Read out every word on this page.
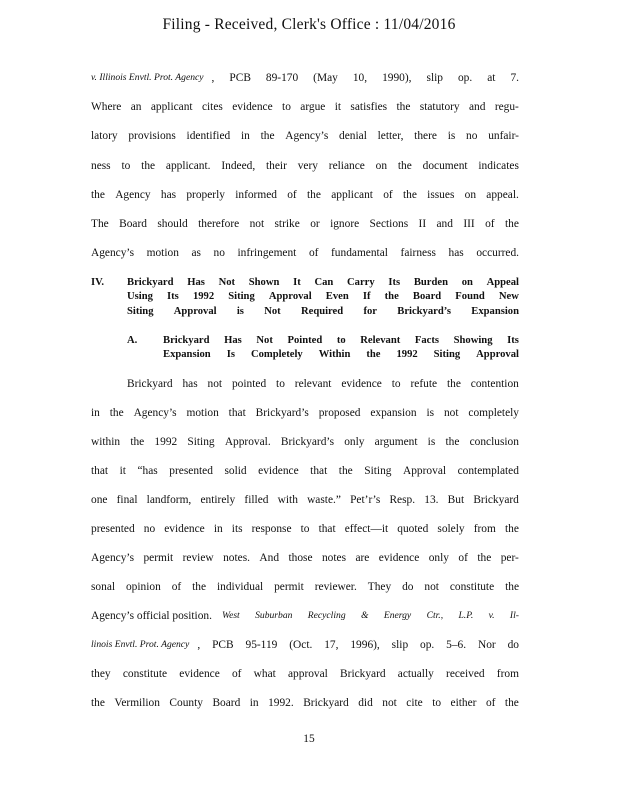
Filing - Received, Clerk's Office : 11/04/2016
v. Illinois Envtl. Prot. Agency , PCB 89-170 (May 10, 1990), slip op. at 7.
Where an applicant cites evidence to argue it satisfies the statutory and regu-
latory provisions identified in the Agency’s denial letter, there is no unfair-
ness to the applicant. Indeed, their very reliance on the document indicates
the Agency has properly informed of the applicant of the issues on appeal.
The Board should therefore not strike or ignore Sections II and III of the
Agency’s motion as no infringement of fundamental fairness has occurred.
IV. Brickyard Has Not Shown It Can Carry Its Burden on Appeal
Using Its 1992 Siting Approval Even If the Board Found New
Siting Approval is Not Required for Brickyard’s Expansion
A. Brickyard Has Not Pointed to Relevant Facts Showing Its
Expansion Is Completely Within the 1992 Siting Approval
Brickyard has not pointed to relevant evidence to refute the contention
in the Agency’s motion that Brickyard’s proposed expansion is not completely
within the 1992 Siting Approval. Brickyard’s only argument is the conclusion
that it “has presented solid evidence that the Siting Approval contemplated
one final landform, entirely filled with waste.” Pet’r’s Resp. 13. But Brickyard
presented no evidence in its response to that effect—it quoted solely from the
Agency’s permit review notes. And those notes are evidence only of the per-
sonal opinion of the individual permit reviewer. They do not constitute the
Agency’s official position. West Suburban Recycling & Energy Ctr., L.P. v. Il-
linois Envtl. Prot. Agency , PCB 95-119 (Oct. 17, 1996), slip op. 5–6. Nor do
they constitute evidence of what approval Brickyard actually received from
the Vermilion County Board in 1992. Brickyard did not cite to either of the
15
